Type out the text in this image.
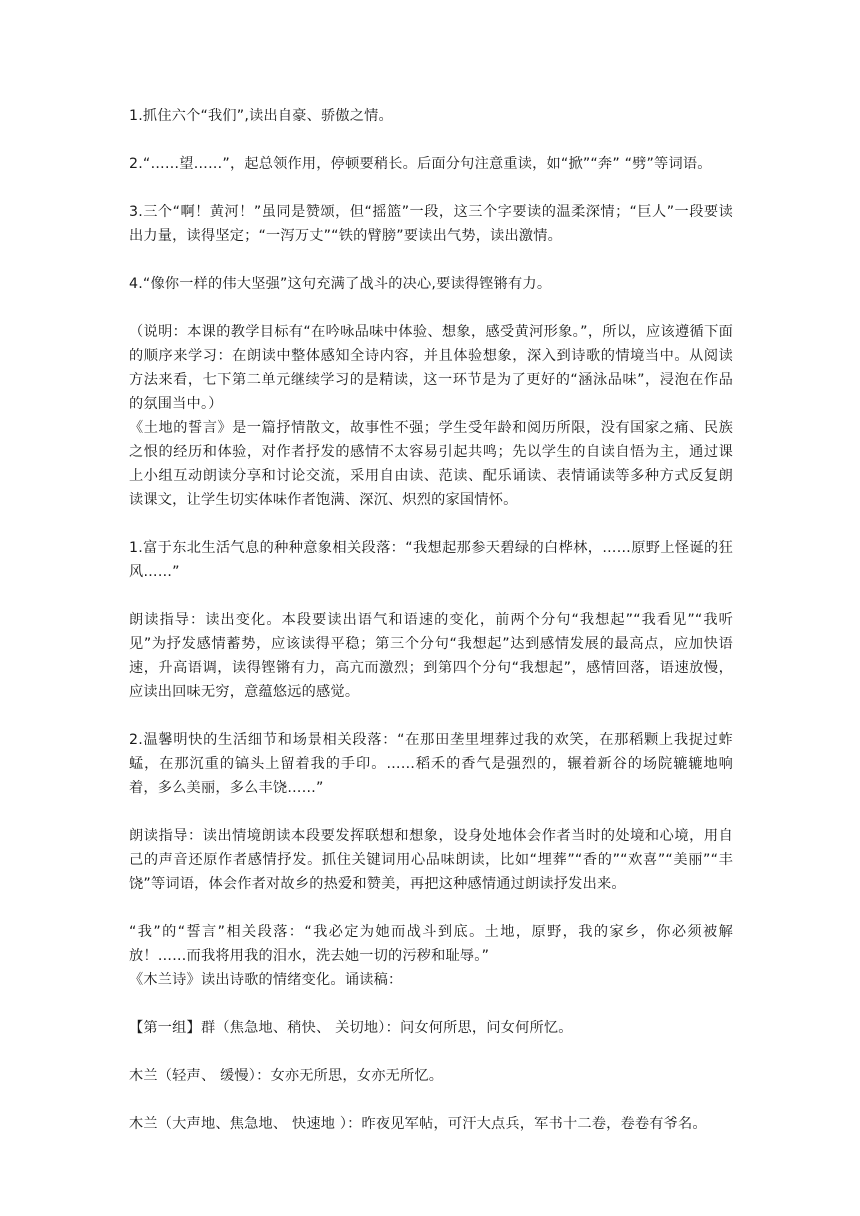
1.抓住六个“我们”,读出自豪、骄傲之情。

2.“……望……”，起总领作用，停顿要稍长。后面分句注意重读，如“掀”“奔” “劈”等词语。

3.三个“啊！黄河！”虽同是赞颂，但“摇篮”一段，这三个字要读的温柔深情；“巨人”一段要读出力量，读得坚定；“一泻万丈”“铁的臂膀”要读出气势，读出激情。

4.“像你一样的伟大坚强”这句充满了战斗的决心,要读得铿锵有力。

（说明：本课的教学目标有“在吟咏品味中体验、想象，感受黄河形象。”，所以，应该遵循下面的顺序来学习：在朗读中整体感知全诗内容，并且体验想象，深入到诗歌的情境当中。从阅读方法来看，七下第二单元继续学习的是精读，这一环节是为了更好的“涵泳品味”，浸泡在作品的氛围当中。）

《土地的誓言》是一篇抒情散文，故事性不强；学生受年龄和阅历所限，没有国家之痛、民族之恨的经历和体验，对作者抒发的感情不太容易引起共鸣；先以学生的自读自悟为主，通过课上小组互动朗读分享和讨论交流，采用自由读、范读、配乐诵读、表情诵读等多种方式反复朗读课文，让学生切实体味作者饱满、深沉、炽烈的家国情怀。

1.富于东北生活气息的种种意象相关段落：“我想起那参天碧绿的白桦林，……原野上怪诞的狂风……”

朗读指导：读出变化。本段要读出语气和语速的变化，前两个分句“我想起”“我看见”“我听见”为抒发感情蓄势，应该读得平稳；第三个分句“我想起”达到感情发展的最高点，应加快语速，升高语调，读得铿锵有力，高亢而激烈；到第四个分句“我想起”，感情回落，语速放慢，应读出回味无穷，意蕴悠远的感觉。

2.温馨明快的生活细节和场景相关段落：“在那田垄里埋葬过我的欢笑，在那稻颗上我捉过蚱蜢，在那沉重的镐头上留着我的手印。……稻禾的香气是强烈的，辗着新谷的场院辘辘地响着，多么美丽，多么丰饶……”

朗读指导：读出情境朗读本段要发挥联想和想象，设身处地体会作者当时的处境和心境，用自己的声音还原作者感情抒发。抓住关键词用心品味朗读，比如“埋葬”“香的”“欢喜”“美丽”“丰饶”等词语，体会作者对故乡的热爱和赞美，再把这种感情通过朗读抒发出来。

“我”的“誓言”相关段落：“我必定为她而战斗到底。土地，原野，我的家乡，你必须被解放！……而我将用我的泪水，洗去她一切的污秽和耻辱。”

《木兰诗》读出诗歌的情绪变化。诵读稿：

【第一组】群（焦急地、稍快、 关切地）：问女何所思，问女何所忆。

木兰（轻声、 缓慢）：女亦无所思，女亦无所忆。

木兰（大声地、焦急地、 快速地 ）：昨夜见军帖，可汗大点兵，军书十二卷，卷卷有爷名。
